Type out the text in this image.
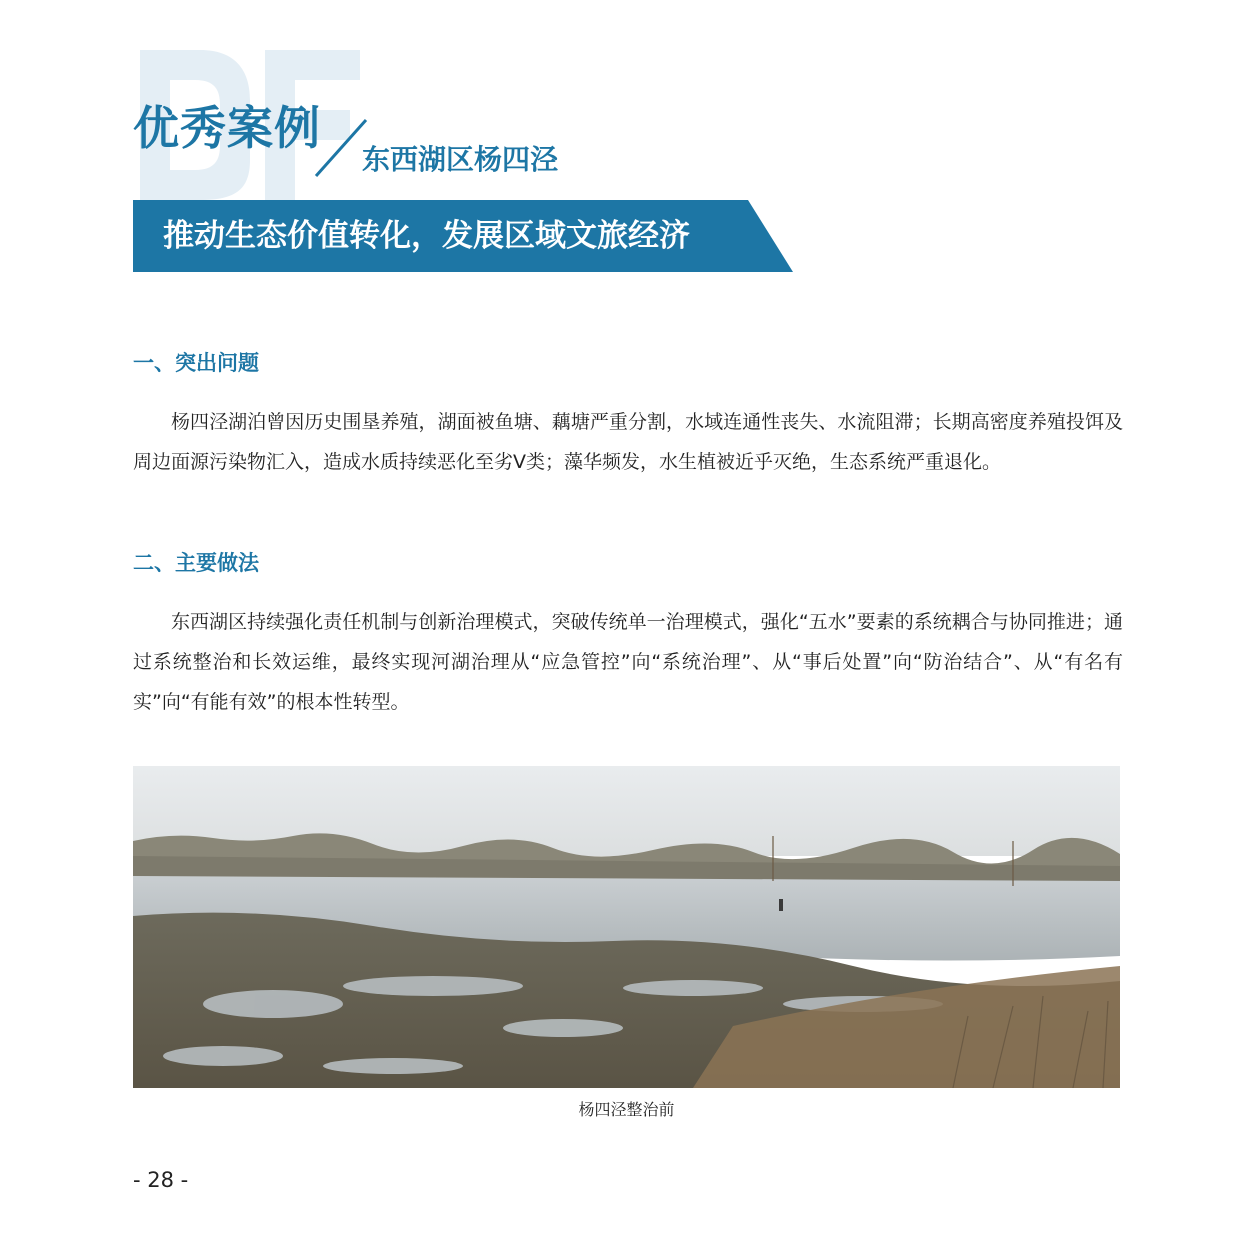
优秀案例
东西湖区杨四泾
推动生态价值转化，发展区域文旅经济
一、突出问题
杨四泾湖泊曾因历史围垦养殖，湖面被鱼塘、藕塘严重分割，水域连通性丧失、水流阻滞；长期高密度养殖投饵及周边面源污染物汇入，造成水质持续恶化至劣Ⅴ类；藻华频发，水生植被近乎灭绝，生态系统严重退化。
二、主要做法
东西湖区持续强化责任机制与创新治理模式，突破传统单一治理模式，强化“五水”要素的系统耦合与协同推进；通过系统整治和长效运维，最终实现河湖治理从“应急管控”向“系统治理”、从“事后处置”向“防治结合”、从“有名有实”向“有能有效”的根本性转型。
杨四泾整治前
- 28 -
